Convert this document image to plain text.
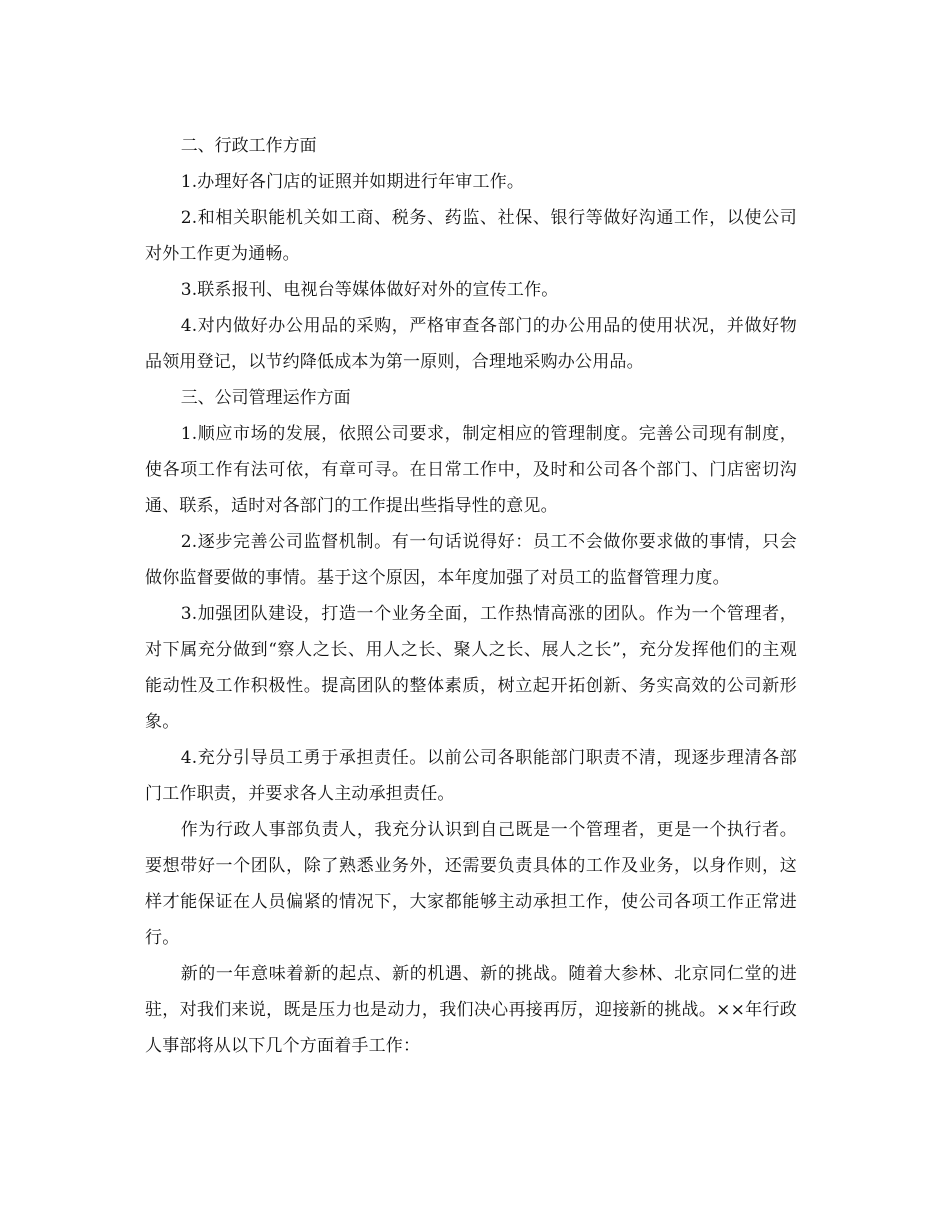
二、行政工作方面

1.办理好各门店的证照并如期进行年审工作。

2.和相关职能机关如工商、税务、药监、社保、银行等做好沟通工作，以使公司对外工作更为通畅。

3.联系报刊、电视台等媒体做好对外的宣传工作。

4.对内做好办公用品的采购，严格审查各部门的办公用品的使用状况，并做好物品领用登记，以节约降低成本为第一原则，合理地采购办公用品。

三、公司管理运作方面

1.顺应市场的发展，依照公司要求，制定相应的管理制度。完善公司现有制度，使各项工作有法可依，有章可寻。在日常工作中，及时和公司各个部门、门店密切沟通、联系，适时对各部门的工作提出些指导性的意见。

2.逐步完善公司监督机制。有一句话说得好：员工不会做你要求做的事情，只会做你监督要做的事情。基于这个原因，本年度加强了对员工的监督管理力度。

3.加强团队建设，打造一个业务全面，工作热情高涨的团队。作为一个管理者，对下属充分做到“察人之长、用人之长、聚人之长、展人之长”，充分发挥他们的主观能动性及工作积极性。提高团队的整体素质，树立起开拓创新、务实高效的公司新形象。

4.充分引导员工勇于承担责任。以前公司各职能部门职责不清，现逐步理清各部门工作职责，并要求各人主动承担责任。

作为行政人事部负责人，我充分认识到自己既是一个管理者，更是一个执行者。要想带好一个团队，除了熟悉业务外，还需要负责具体的工作及业务，以身作则，这样才能保证在人员偏紧的情况下，大家都能够主动承担工作，使公司各项工作正常进行。

新的一年意味着新的起点、新的机遇、新的挑战。随着大参林、北京同仁堂的进驻，对我们来说，既是压力也是动力，我们决心再接再厉，迎接新的挑战。××年行政人事部将从以下几个方面着手工作：
